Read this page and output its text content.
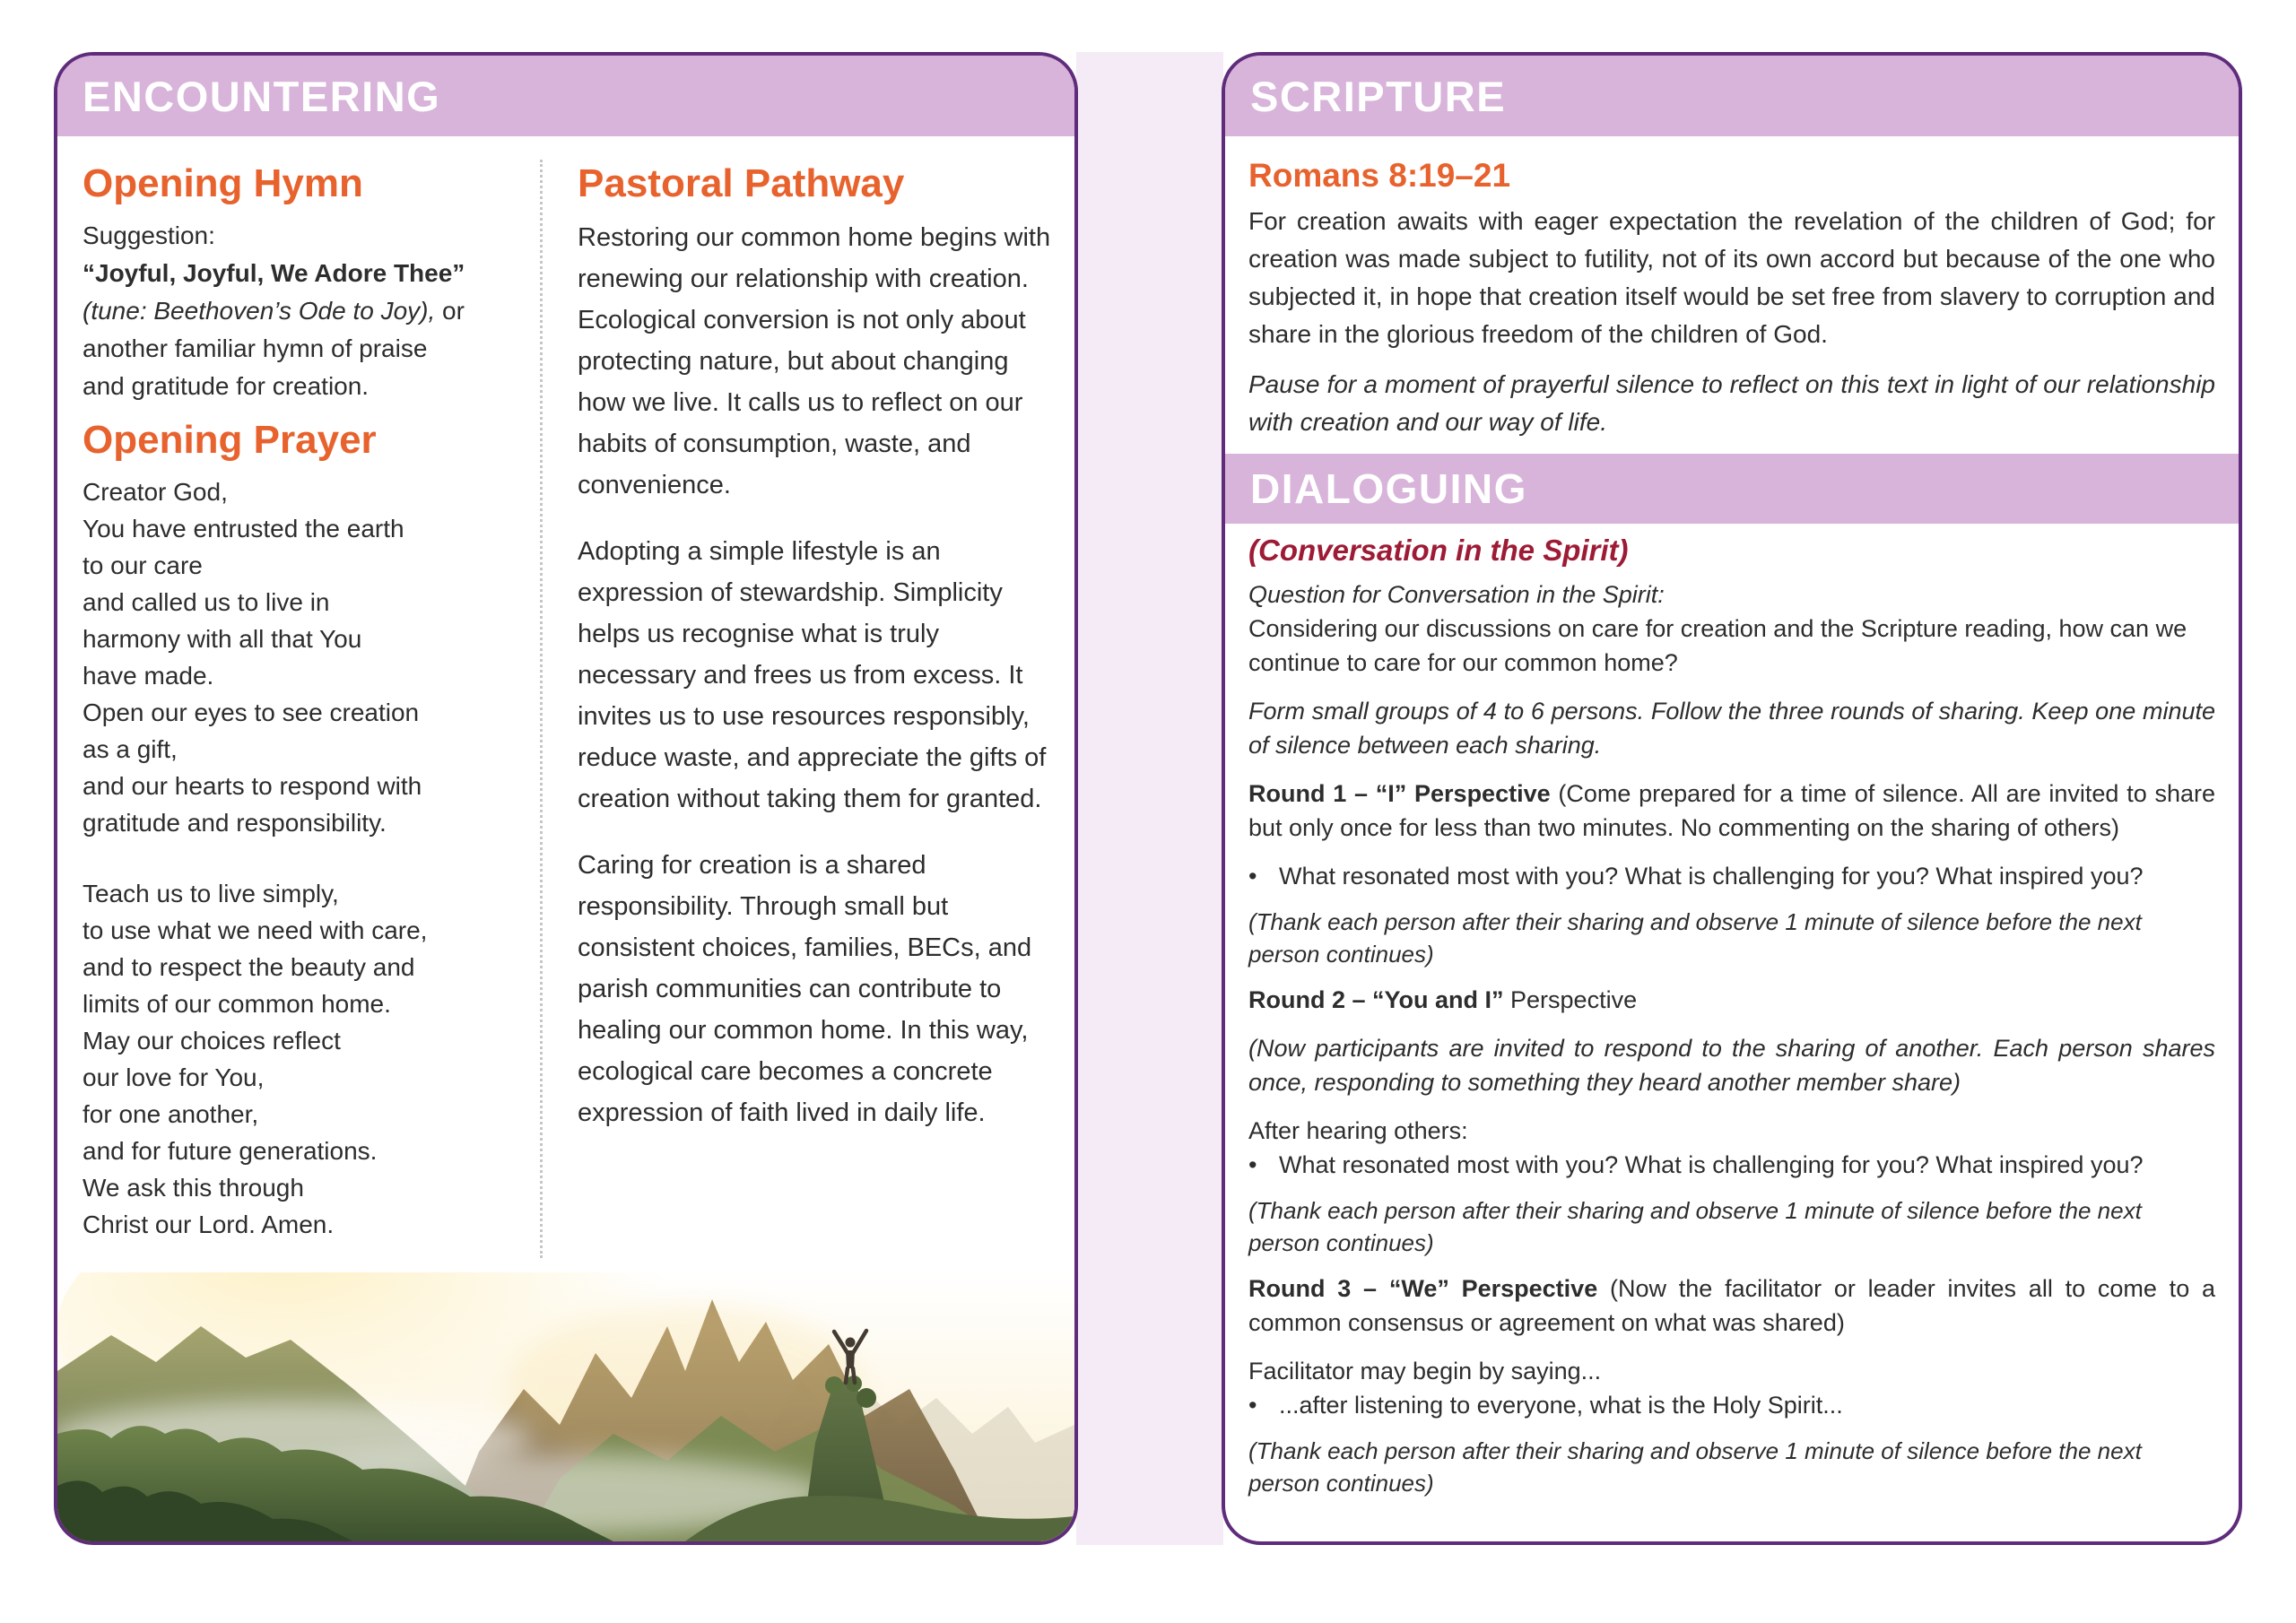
ENCOUNTERING
Opening Hymn
Suggestion:
“Joyful, Joyful, We Adore Thee”
(tune: Beethoven’s Ode to Joy), or
another familiar hymn of praise
and gratitude for creation.
Opening Prayer
Creator God,
You have entrusted the earth
to our care
and called us to live in
harmony with all that You
have made.
Open our eyes to see creation
as a gift,
and our hearts to respond with
gratitude and responsibility.
Teach us to live simply,
to use what we need with care,
and to respect the beauty and
limits of our common home.
May our choices reflect
our love for You,
for one another,
and for future generations.
We ask this through
Christ our Lord. Amen.
Pastoral Pathway

Restoring our common home begins with renewing our relationship with creation. Ecological conversion is not only about protecting nature, but about changing how we live. It calls us to reflect on our habits of consumption, waste, and convenience.

Adopting a simple lifestyle is an expression of stewardship. Simplicity helps us recognise what is truly necessary and frees us from excess. It invites us to use resources responsibly, reduce waste, and appreciate the gifts of creation without taking them for granted.

Caring for creation is a shared responsibility. Through small but consistent choices, families, BECs, and parish communities can contribute to healing our common home. In this way, ecological care becomes a concrete expression of faith lived in daily life.

SCRIPTURE
Romans 8:19–21

For creation awaits with eager expectation the revelation of the children of God; for creation was made subject to futility, not of its own accord but because of the one who subjected it, in hope that creation itself would be set free from slavery to corruption and share in the glorious freedom of the children of God.

Pause for a moment of prayerful silence to reflect on this text in light of our relationship with creation and our way of life.

DIALOGUING
(Conversation in the Spirit)
Question for Conversation in the Spirit:
Considering our discussions on care for creation and the Scripture reading, how can we continue to care for our common home?
Form small groups of 4 to 6 persons. Follow the three rounds of sharing. Keep one minute of silence between each sharing.
Round 1 – “I” Perspective (Come prepared for a time of silence. All are invited to share but only once for less than two minutes. No commenting on the sharing of others)
• What resonated most with you? What is challenging for you? What inspired you?
(Thank each person after their sharing and observe 1 minute of silence before the next person continues)
Round 2 – “You and I” Perspective
(Now participants are invited to respond to the sharing of another. Each person shares once, responding to something they heard another member share)
After hearing others:
• What resonated most with you? What is challenging for you? What inspired you?
(Thank each person after their sharing and observe 1 minute of silence before the next person continues)
Round 3 – “We” Perspective (Now the facilitator or leader invites all to come to a common consensus or agreement on what was shared)
Facilitator may begin by saying...
• ...after listening to everyone, what is the Holy Spirit...
(Thank each person after their sharing and observe 1 minute of silence before the next person continues)
